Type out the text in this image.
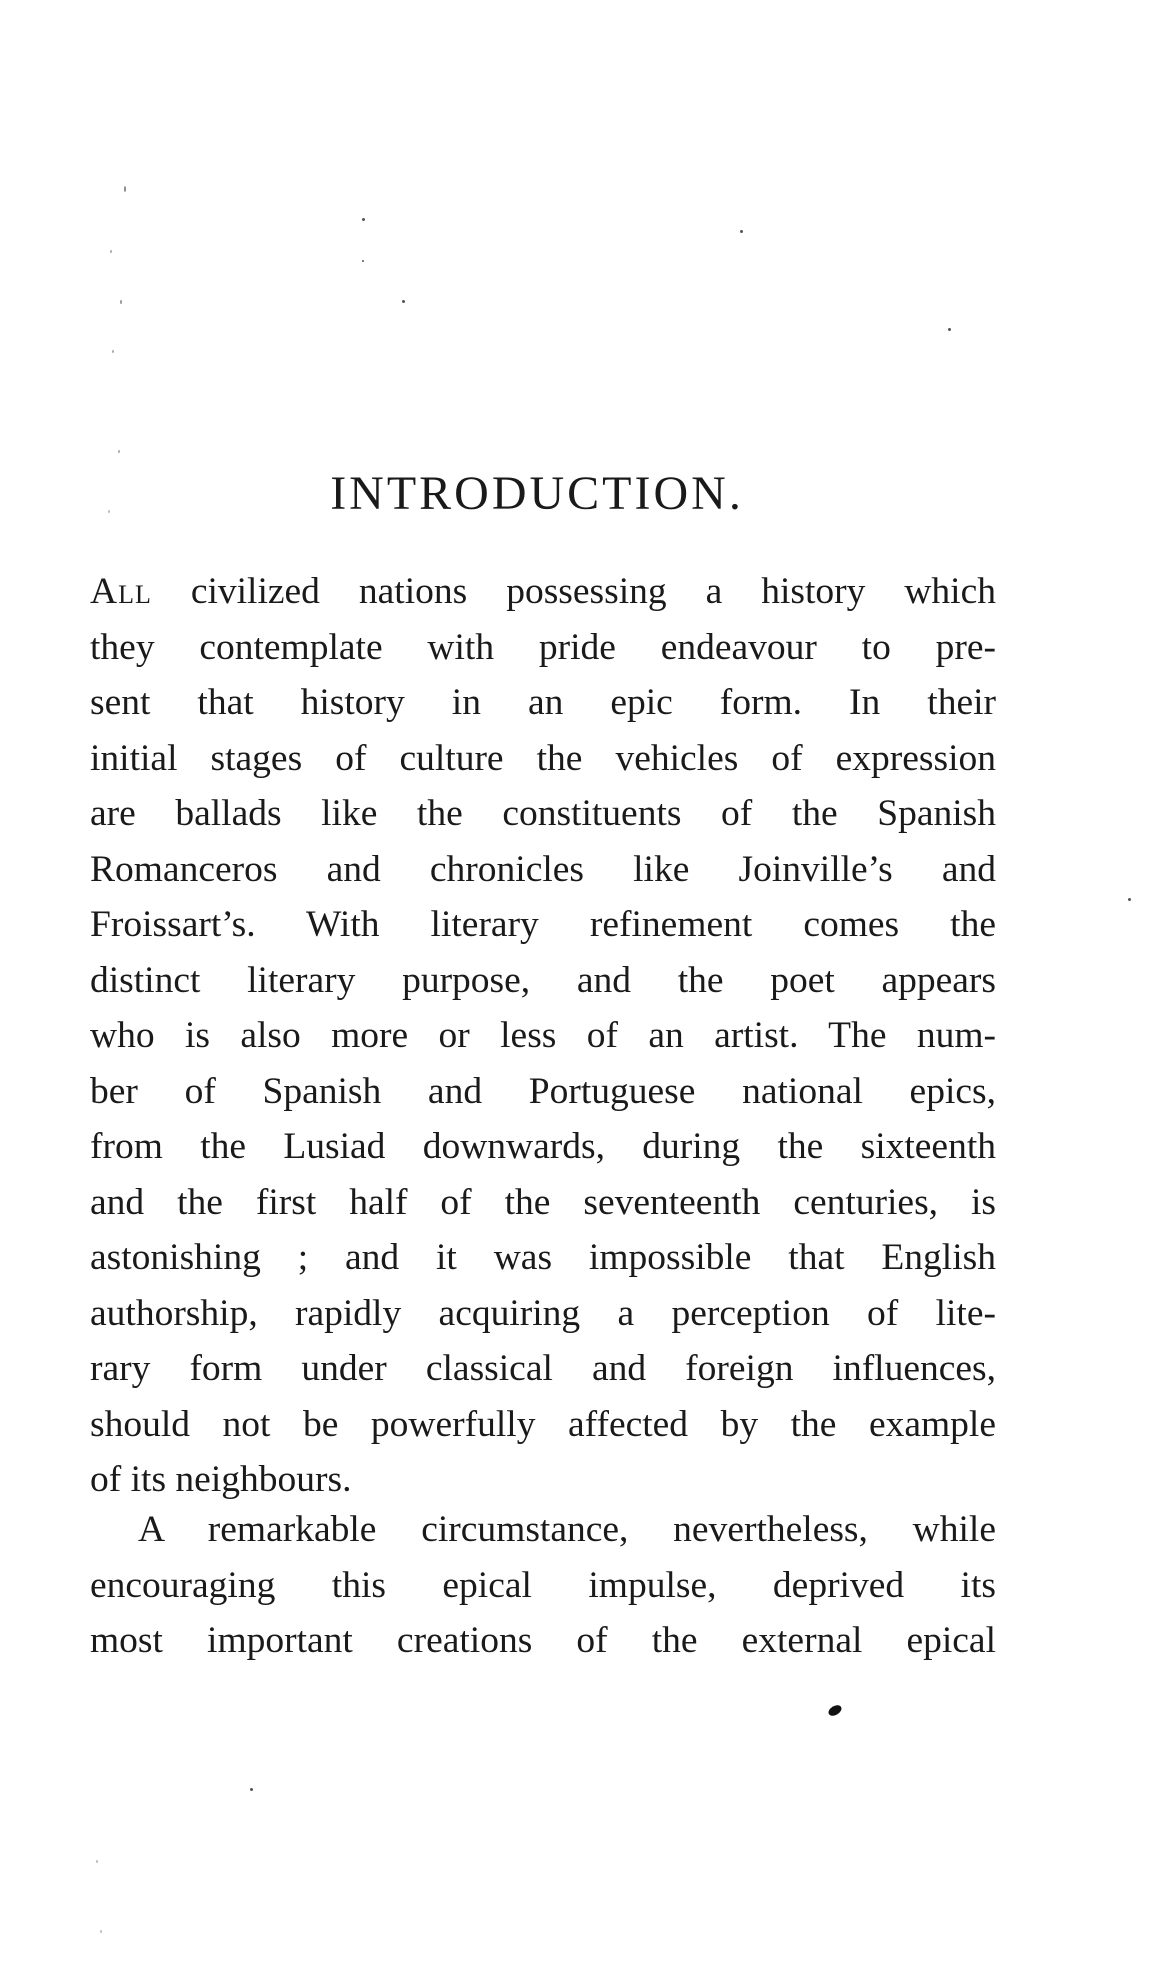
INTRODUCTION.
All civilized nations possessing a history which
they contemplate with pride endeavour to pre-
sent that history in an epic form. In their
initial stages of culture the vehicles of expression
are ballads like the constituents of the Spanish
Romanceros and chronicles like Joinville’s and
Froissart’s. With literary refinement comes the
distinct literary purpose, and the poet appears
who is also more or less of an artist. The num-
ber of Spanish and Portuguese national epics,
from the Lusiad downwards, during the sixteenth
and the first half of the seventeenth centuries, is
astonishing ; and it was impossible that English
authorship, rapidly acquiring a perception of lite-
rary form under classical and foreign influences,
should not be powerfully affected by the example
of its neighbours.
A remarkable circumstance, nevertheless, while
encouraging this epical impulse, deprived its
most important creations of the external epical
